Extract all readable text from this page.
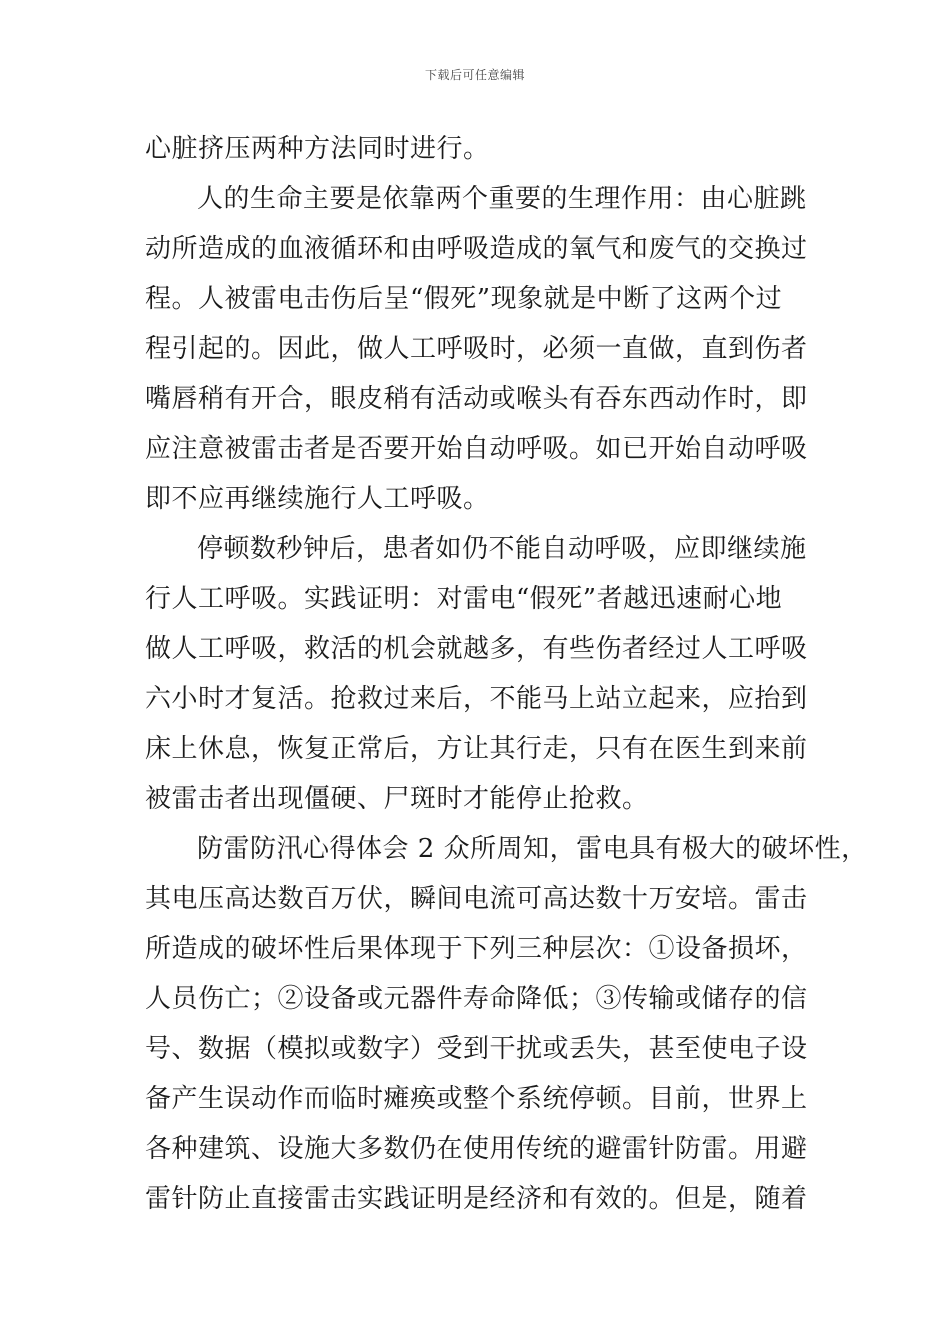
下载后可任意编辑
心脏挤压两种方法同时进行。
人的生命主要是依靠两个重要的生理作用：由心脏跳
动所造成的血液循环和由呼吸造成的氧气和废气的交换过
程。人被雷电击伤后呈“假死”现象就是中断了这两个过
程引起的。因此，做人工呼吸时，必须一直做，直到伤者
嘴唇稍有开合，眼皮稍有活动或喉头有吞东西动作时，即
应注意被雷击者是否要开始自动呼吸。如已开始自动呼吸
即不应再继续施行人工呼吸。
停顿数秒钟后，患者如仍不能自动呼吸，应即继续施
行人工呼吸。实践证明：对雷电“假死”者越迅速耐心地
做人工呼吸，救活的机会就越多，有些伤者经过人工呼吸
六小时才复活。抢救过来后，不能马上站立起来，应抬到
床上休息，恢复正常后，方让其行走，只有在医生到来前
被雷击者出现僵硬、尸斑时才能停止抢救。
防雷防汛心得体会 2 众所周知，雷电具有极大的破坏性，
其电压高达数百万伏，瞬间电流可高达数十万安培。雷击
所造成的破坏性后果体现于下列三种层次：①设备损坏，
人员伤亡；②设备或元器件寿命降低；③传输或储存的信
号、数据（模拟或数字）受到干扰或丢失，甚至使电子设
备产生误动作而临时瘫痪或整个系统停顿。目前，世界上
各种建筑、设施大多数仍在使用传统的避雷针防雷。用避
雷针防止直接雷击实践证明是经济和有效的。但是，随着
